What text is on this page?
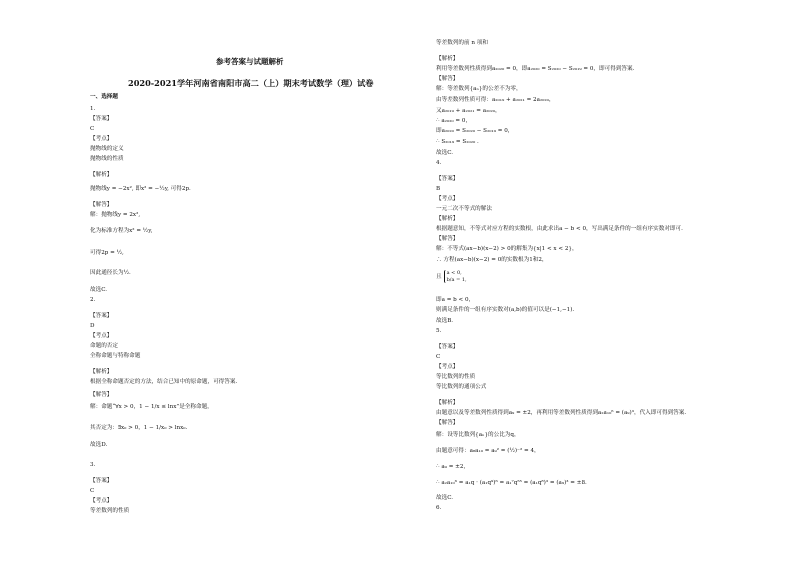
参考答案与试题解析
2020-2021学年河南省南阳市高二（上）期末考试数学（理）试卷
一、选择题
1.
【答案】
C
【考点】
抛物线的定义
抛物线的性质
【解析】
抛物线y = −2x², 即x² = −½y, 可得2p.
【解答】
解：抛物线y = 2x²,
化为标准方程为x² = ½y,
可得2p = ½,
因此通径长为½.
故选C.
2.
【答案】
D
【考点】
命题的否定
全称命题与特称命题
【解析】
根据全称命题否定的方法，结合已知中的原命题，可得答案.
【解答】
解：命题“∀x > 0，1 − 1/x ≤ lnx”是全称命题，
其否定为：∃x₀ > 0，1 − 1/x₀ > lnx₀.
故选D.
3.
【答案】
C
【考点】
等差数列的性质
等差数列的前 n 项和
【解析】
利用等差数列性质得到a₂₀₂₀ = 0，即a₂₀₂₀ = S₂₀₂₀ − S₂₀₁₉ = 0，即可得到答案.
【解答】
解：等差数列{aₙ}的公差不为零，
由等差数列性质可得：a₂₀₁₉ + a₂₀₂₁ = 2a₂₀₂₀，
又a₂₀₁₉ + a₂₀₂₁ = a₂₀₂₀，
∴ a₂₀₂₀ = 0，
即a₂₀₂₀ = S₂₀₂₀ − S₂₀₁₉ = 0，
∴ S₂₀₁₉ = S₂₀₂₀ .
故选C.
4.
【答案】
B
【考点】
一元二次不等式的解法
【解析】
根据题意知，不等式对应方程的实数根，由此求出a − b < 0，写出满足条件的一组有序实数对即可.
【解答】
解：不等式(ax−b)(x−2) > 0的解集为{x|1 < x < 2}，
∴ 方程(ax−b)(x−2) = 0的实数根为1和2，
且
a < 0,
b/a = 1,
即a = b < 0，
则满足条件的一组有序实数对(a,b)的值可以是(−1,−1).
故选B.
5.
【答案】
C
【考点】
等比数列的性质
等比数列的通项公式
【解析】
由题意以及等差数列性质得到a₉ = ±2，再利用等差数列性质得到a₂a₁₀⁶ = (a₉)³，代入即可得到答案.
【解答】
解：设等比数列{aₙ}的公比为q，
由题意可得：a₈a₁₀ = a₉² = (½)⁻² = 4，
∴ a₉ = ±2，
∴ a₂a₁₀⁶ = a₁q · (a₁q⁹)⁶ = a₁⁷q⁵⁵ = (a₁q⁸)³ = (a₉)³ = ±8.
故选C.
6.
